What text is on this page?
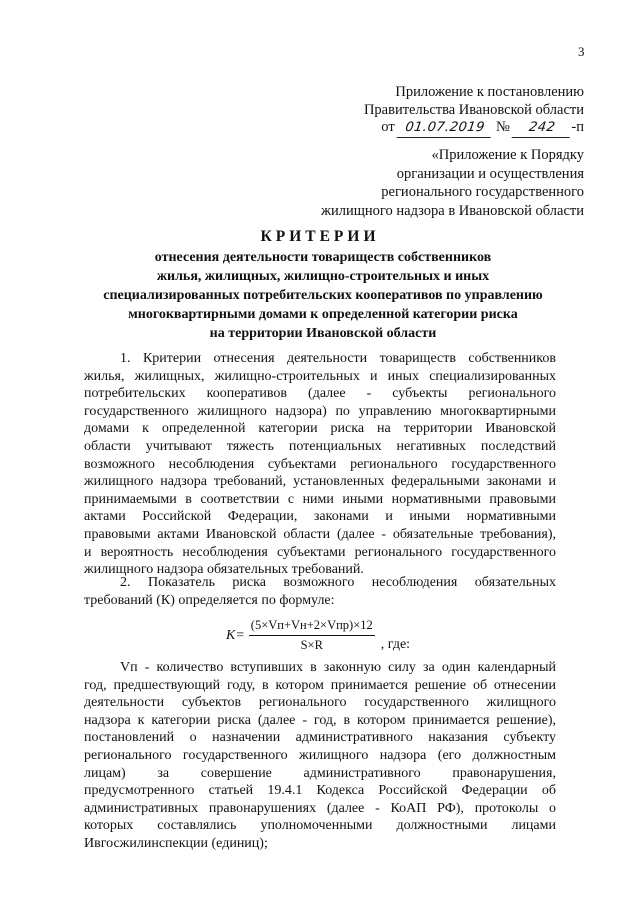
3
Приложение к постановлению
Правительства Ивановской области
от 01.07.2019 № 242 -п
«Приложение к Порядку
организации и осуществления
регионального государственного
жилищного надзора в Ивановской области
КРИТЕРИИ
отнесения деятельности товариществ собственников
жилья, жилищных, жилищно-строительных и иных
специализированных потребительских кооперативов по управлению
многоквартирными домами к определенной категории риска
на территории Ивановской области
1. Критерии отнесения деятельности товариществ собственников
жилья, жилищных, жилищно-строительных и иных специализированных
потребительских кооперативов (далее - субъекты регионального
государственного жилищного надзора) по управлению многоквартирными
домами к определенной категории риска на территории Ивановской
области учитывают тяжесть потенциальных негативных последствий
возможного несоблюдения субъектами регионального государственного
жилищного надзора требований, установленных федеральными законами и
принимаемыми в соответствии с ними иными нормативными правовыми
актами Российской Федерации, законами и иными нормативными
правовыми актами Ивановской области (далее - обязательные требования),
и вероятность несоблюдения субъектами регионального государственного
жилищного надзора обязательных требований.
2. Показатель риска возможного несоблюдения обязательных
требований (К) определяется по формуле:
$K= \frac{\text{(5×Vп+Vн+2×Vпр)×12}}{S\times R}$ , где:
Vп - количество вступивших в законную силу за один календарный
год, предшествующий году, в котором принимается решение об отнесении
деятельности субъектов регионального государственного жилищного
надзора к категории риска (далее - год, в котором принимается решение),
постановлений о назначении административного наказания субъекту
регионального государственного жилищного надзора (его должностным
лицам) за совершение административного правонарушения,
предусмотренного статьей 19.4.1 Кодекса Российской Федерации об
административных правонарушениях (далее - КоАП РФ), протоколы о
которых составлялись уполномоченными должностными лицами
Ивгосжилинспекции (единиц);
